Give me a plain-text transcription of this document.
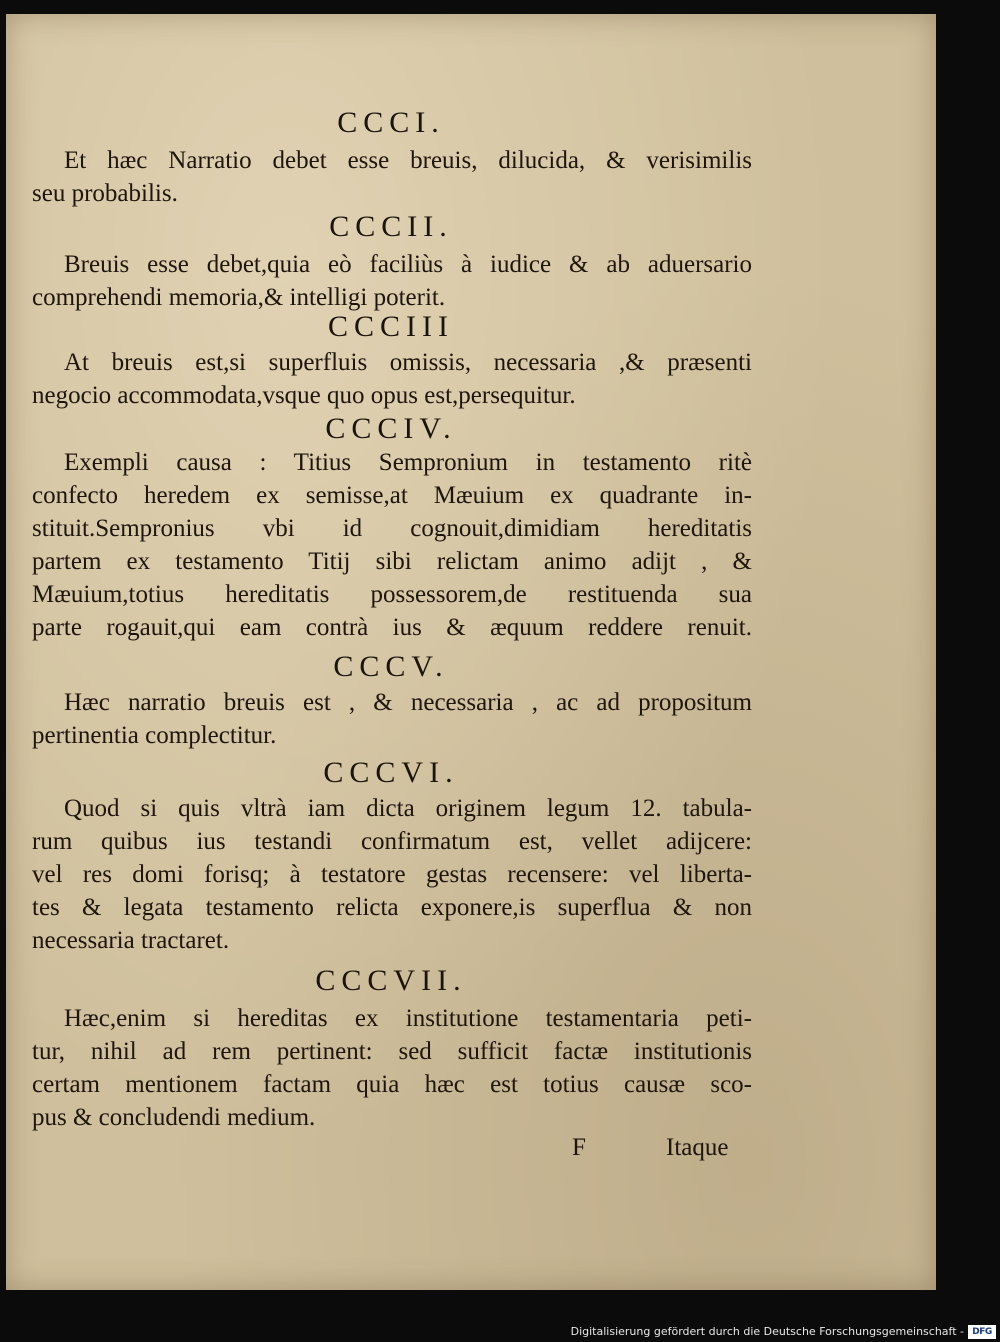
CCCI.
Et hæc Narratio debet esse breuis, dilucida, & verisimilis
seu probabilis.
CCCII.
Breuis esse debet,quia eò faciliùs à iudice & ab aduersario
comprehendi memoria,& intelligi poterit.
CCCIII
At breuis est,si superfluis omissis, necessaria ,& præsenti
negocio accommodata,vsque quo opus est,persequitur.
CCCIV.
Exempli causa : Titius Sempronium in testamento ritè
confecto heredem ex semisse,at Mæuium ex quadrante in-
stituit.Sempronius vbi id cognouit,dimidiam hereditatis
partem ex testamento Titij sibi relictam animo adijt , &
Mæuium,totius hereditatis possessorem,de restituenda sua
parte rogauit,qui eam contrà ius & æquum reddere renuit.
CCCV.
Hæc narratio breuis est , & necessaria , ac ad propositum
pertinentia complectitur.
CCCVI.
Quod si quis vltrà iam dicta originem legum 12. tabula-
rum quibus ius testandi confirmatum est, vellet adijcere:
vel res domi forisq; à testatore gestas recensere: vel liberta-
tes & legata testamento relicta exponere,is superflua & non
necessaria tractaret.
CCCVII.
Hæc,enim si hereditas ex institutione testamentaria peti-
tur, nihil ad rem pertinent: sed sufficit factæ institutionis
certam mentionem factam quia hæc est totius causæ sco-
pus & concludendi medium.
F	Itaque
Digitalisierung gefördert durch die Deutsche Forschungsgemeinschaft - DFG
